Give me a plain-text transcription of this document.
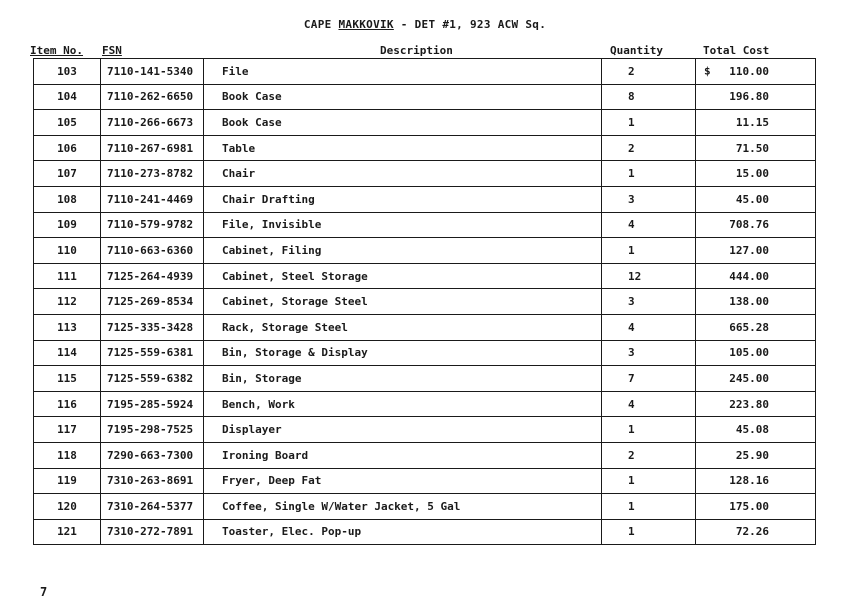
CAPE MAKKOVIK - DET #1, 923 ACW Sq.
Item No. FSN	Description	Quantity	Total Cost
103	7110-141-5340	File	2	$ 110.00
104	7110-262-6650	Book Case	8	196.80
105	7110-266-6673	Book Case	1	11.15
106	7110-267-6981	Table	2	71.50
107	7110-273-8782	Chair	1	15.00
108	7110-241-4469	Chair Drafting	3	45.00
109	7110-579-9782	File, Invisible	4	708.76
110	7110-663-6360	Cabinet, Filing	1	127.00
111	7125-264-4939	Cabinet, Steel Storage	12	444.00
112	7125-269-8534	Cabinet, Storage Steel	3	138.00
113	7125-335-3428	Rack, Storage Steel	4	665.28
114	7125-559-6381	Bin, Storage & Display	3	105.00
115	7125-559-6382	Bin, Storage	7	245.00
116	7195-285-5924	Bench, Work	4	223.80
117	7195-298-7525	Displayer	1	45.08
118	7290-663-7300	Ironing Board	2	25.90
119	7310-263-8691	Fryer, Deep Fat	1	128.16
120	7310-264-5377	Coffee, Single W/Water Jacket, 5 Gal	1	175.00
121	7310-272-7891	Toaster, Elec. Pop-up	1	72.26
7
